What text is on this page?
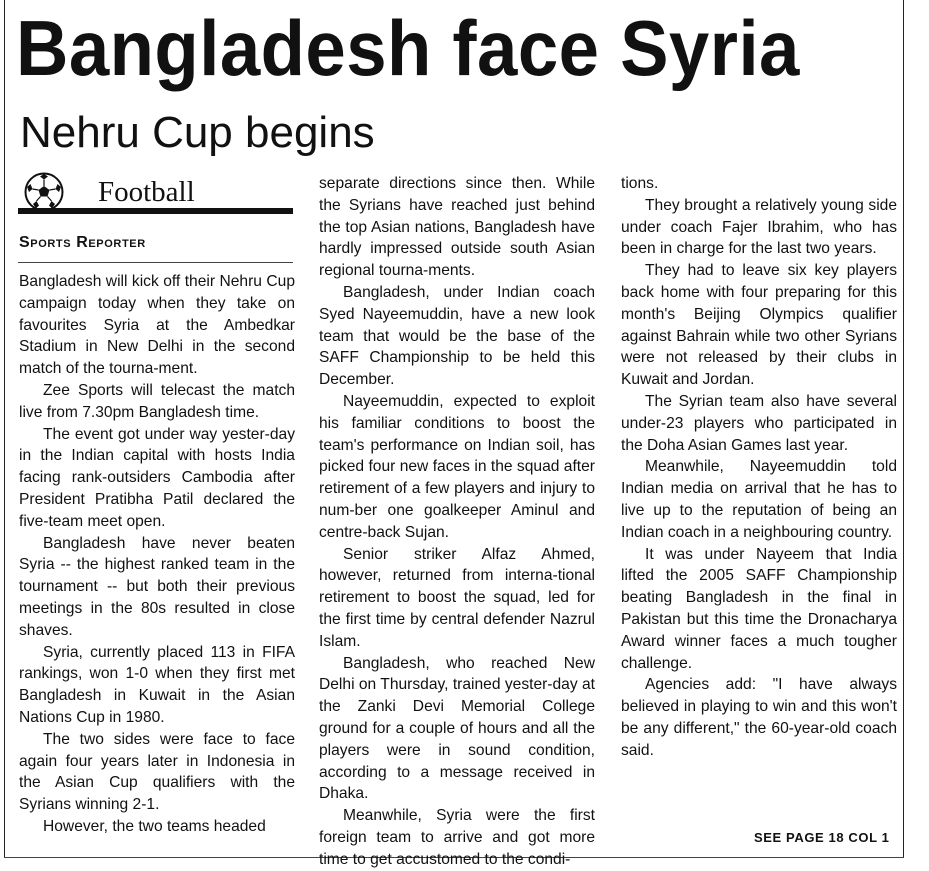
Bangladesh face Syria
Nehru Cup begins
Football
Sports Reporter

Bangladesh will kick off their Nehru Cup campaign today when they take on favourites Syria at the Ambedkar Stadium in New Delhi in the second match of the tourna-ment.

Zee Sports will telecast the match live from 7.30pm Bangladesh time.

The event got under way yester-day in the Indian capital with hosts India facing rank-outsiders Cambodia after President Pratibha Patil declared the five-team meet open.

Bangladesh have never beaten Syria -- the highest ranked team in the tournament -- but both their previous meetings in the 80s resulted in close shaves.

Syria, currently placed 113 in FIFA rankings, won 1-0 when they first met Bangladesh in Kuwait in the Asian Nations Cup in 1980.

The two sides were face to face again four years later in Indonesia in the Asian Cup qualifiers with the Syrians winning 2-1.

However, the two teams headed

separate directions since then. While the Syrians have reached just behind the top Asian nations, Bangladesh have hardly impressed outside south Asian regional tourna-ments.

Bangladesh, under Indian coach Syed Nayeemuddin, have a new look team that would be the base of the SAFF Championship to be held this December.

Nayeemuddin, expected to exploit his familiar conditions to boost the team's performance on Indian soil, has picked four new faces in the squad after retirement of a few players and injury to num-ber one goalkeeper Aminul and centre-back Sujan.

Senior striker Alfaz Ahmed, however, returned from interna-tional retirement to boost the squad, led for the first time by central defender Nazrul Islam.

Bangladesh, who reached New Delhi on Thursday, trained yester-day at the Zanki Devi Memorial College ground for a couple of hours and all the players were in sound condition, according to a message received in Dhaka.

Meanwhile, Syria were the first foreign team to arrive and got more time to get accustomed to the condi-

tions.

They brought a relatively young side under coach Fajer Ibrahim, who has been in charge for the last two years.

They had to leave six key players back home with four preparing for this month's Beijing Olympics qualifier against Bahrain while two other Syrians were not released by their clubs in Kuwait and Jordan.

The Syrian team also have several under-23 players who participated in the Doha Asian Games last year.

Meanwhile, Nayeemuddin told Indian media on arrival that he has to live up to the reputation of being an Indian coach in a neighbouring country.

It was under Nayeem that India lifted the 2005 SAFF Championship beating Bangladesh in the final in Pakistan but this time the Dronacharya Award winner faces a much tougher challenge.

Agencies add: "I have always believed in playing to win and this won't be any different," the 60-year-old coach said.

SEE PAGE 18 COL 1
